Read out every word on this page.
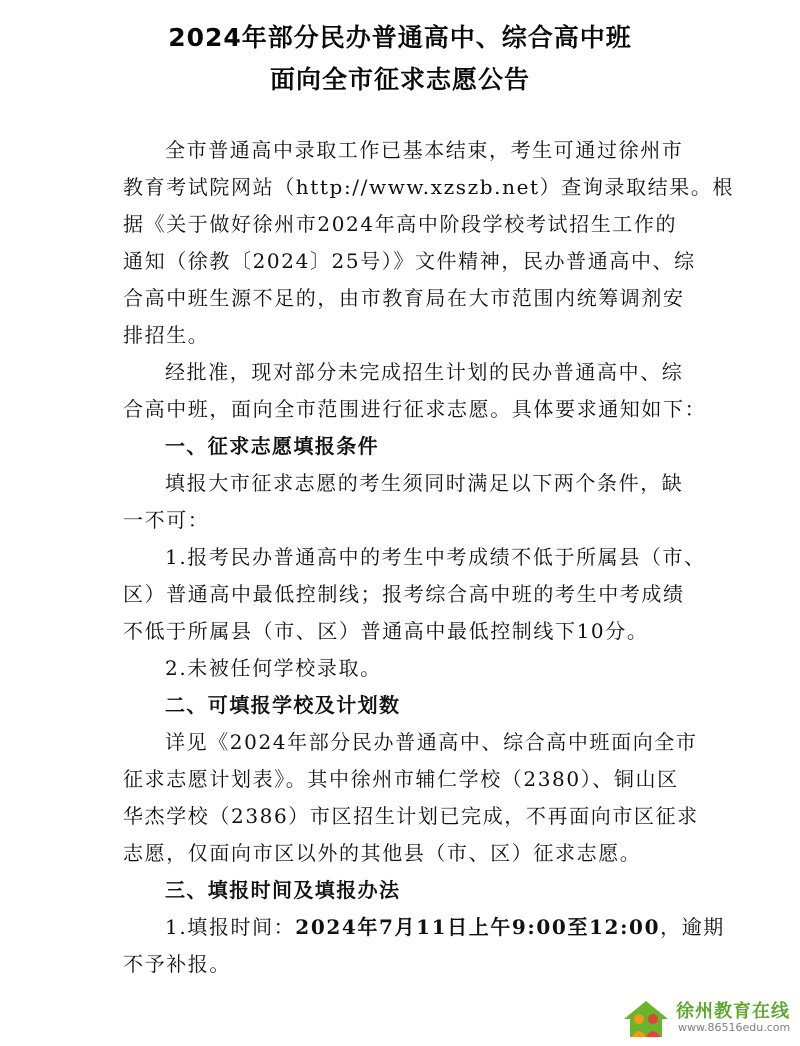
2024年部分民办普通高中、综合高中班
面向全市征求志愿公告
全市普通高中录取工作已基本结束，考生可通过徐州市
教育考试院网站（http://www.xzszb.net）查询录取结果。根
据《关于做好徐州市2024年高中阶段学校考试招生工作的
通知（徐教〔2024〕25号）》文件精神，民办普通高中、综
合高中班生源不足的，由市教育局在大市范围内统筹调剂安
排招生。
经批准，现对部分未完成招生计划的民办普通高中、综
合高中班，面向全市范围进行征求志愿。具体要求通知如下：
一、征求志愿填报条件
填报大市征求志愿的考生须同时满足以下两个条件，缺
一不可：
1.报考民办普通高中的考生中考成绩不低于所属县（市、
区）普通高中最低控制线；报考综合高中班的考生中考成绩
不低于所属县（市、区）普通高中最低控制线下10分。
2.未被任何学校录取。
二、可填报学校及计划数
详见《2024年部分民办普通高中、综合高中班面向全市
征求志愿计划表》。其中徐州市辅仁学校（2380）、铜山区
华杰学校（2386）市区招生计划已完成，不再面向市区征求
志愿，仅面向市区以外的其他县（市、区）征求志愿。
三、填报时间及填报办法
1.填报时间：2024年7月11日上午9:00至12:00，逾期
不予补报。
徐州教育在线
www.86516edu.com
